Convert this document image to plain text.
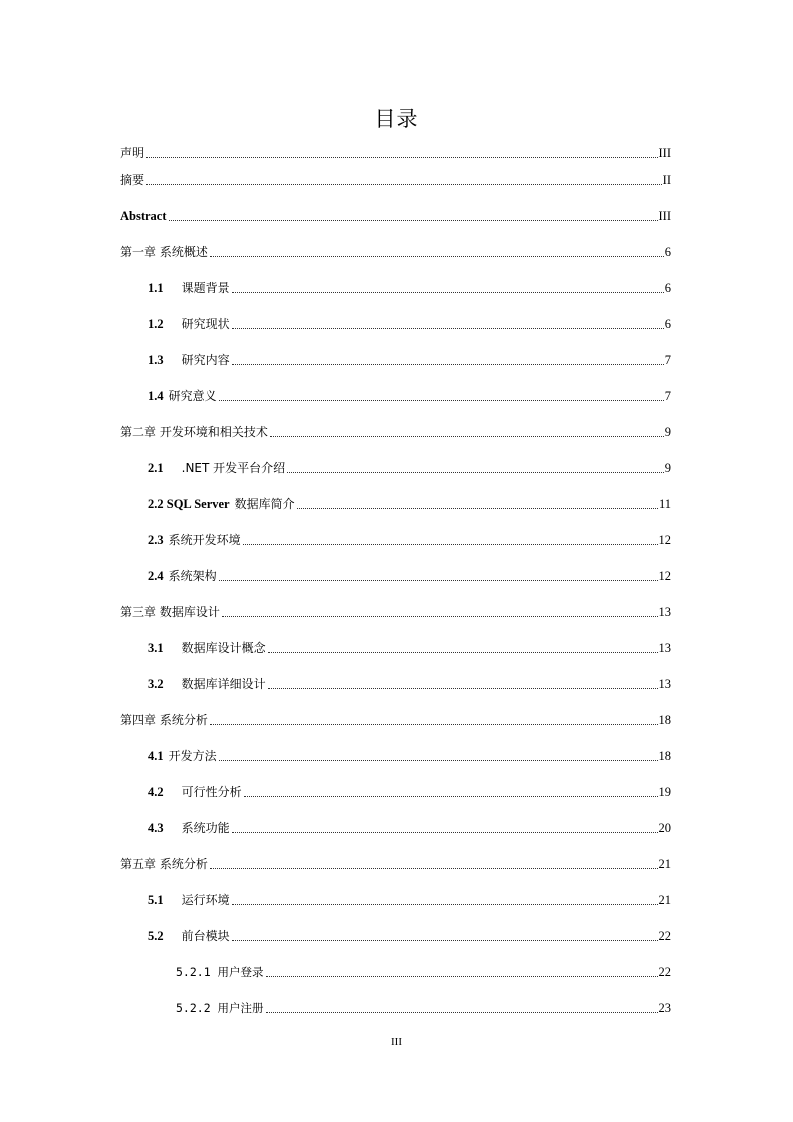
目录
声明	III
摘要	II
Abstract	III
第一章 系统概述	6
1.1 课题背景	6
1.2 研究现状	6
1.3 研究内容	7
1.4 研究意义	7
第二章 开发环境和相关技术	9
2.1 .NET 开发平台介绍	9
2.2 SQL Server 数据库简介	11
2.3 系统开发环境	12
2.4 系统架构	12
第三章 数据库设计	13
3.1 数据库设计概念	13
3.2 数据库详细设计	13
第四章 系统分析	18
4.1 开发方法	18
4.2 可行性分析	19
4.3 系统功能	20
第五章 系统分析	21
5.1 运行环境	21
5.2 前台模块	22
5.2.1 用户登录	22
5.2.2 用户注册	23
III
